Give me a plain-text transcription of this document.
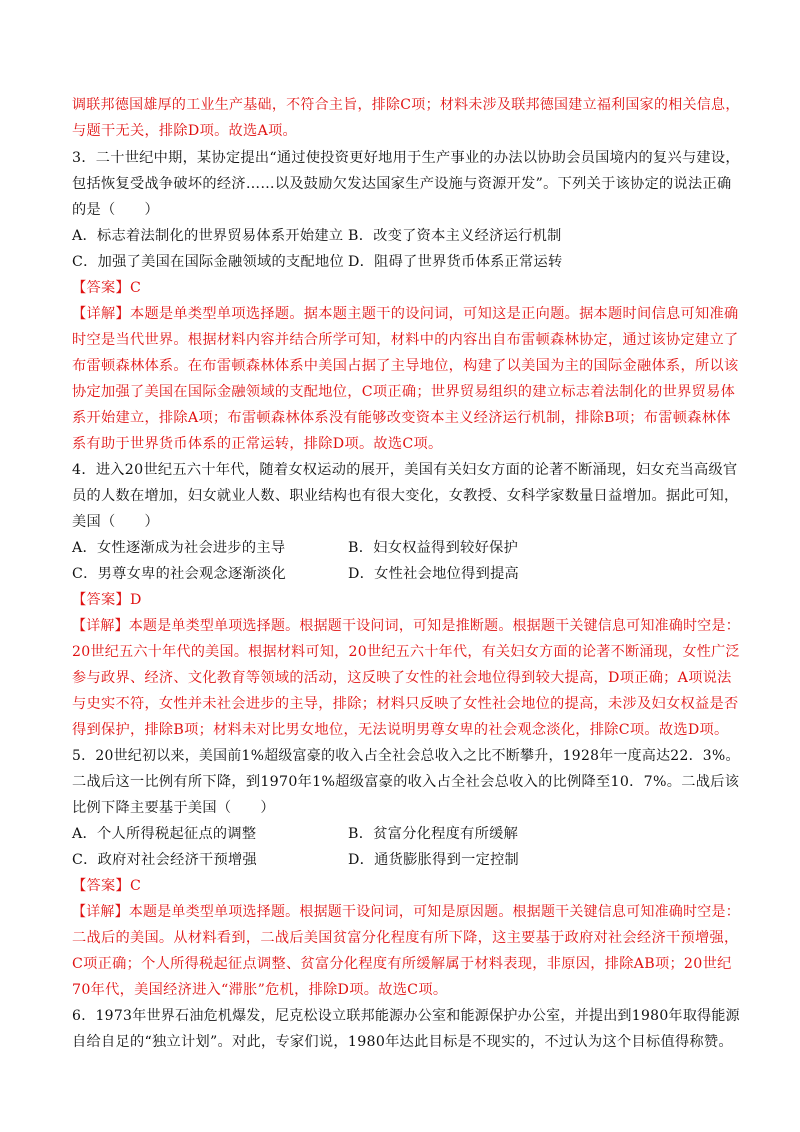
调联邦德国雄厚的工业生产基础，不符合主旨，排除C项；材料未涉及联邦德国建立福利国家的相关信息，
与题干无关，排除D项。故选A项。
3．二十世纪中期，某协定提出“通过使投资更好地用于生产事业的办法以协助会员国境内的复兴与建设，
包括恢复受战争破坏的经济……以及鼓励欠发达国家生产设施与资源开发”。下列关于该协定的说法正确
的是（　　）
A．标志着法制化的世界贸易体系开始建立 B．改变了资本主义经济运行机制
C．加强了美国在国际金融领域的支配地位 D．阻碍了世界货币体系正常运转
【答案】C
【详解】本题是单类型单项选择题。据本题主题干的设问词，可知这是正向题。据本题时间信息可知准确
时空是当代世界。根据材料内容并结合所学可知，材料中的内容出自布雷顿森林协定，通过该协定建立了
布雷顿森林体系。在布雷顿森林体系中美国占据了主导地位，构建了以美国为主的国际金融体系，所以该
协定加强了美国在国际金融领域的支配地位，C项正确；世界贸易组织的建立标志着法制化的世界贸易体
系开始建立，排除A项；布雷顿森林体系没有能够改变资本主义经济运行机制，排除B项；布雷顿森林体
系有助于世界货币体系的正常运转，排除D项。故选C项。
4．进入20世纪五六十年代，随着女权运动的展开，美国有关妇女方面的论著不断涌现，妇女充当高级官
员的人数在增加，妇女就业人数、职业结构也有很大变化，女教授、女科学家数量日益增加。据此可知，
美国（　　）
A．女性逐渐成为社会进步的主导	B．妇女权益得到较好保护
C．男尊女卑的社会观念逐渐淡化	D．女性社会地位得到提高
【答案】D
【详解】本题是单类型单项选择题。根据题干设问词，可知是推断题。根据题干关键信息可知准确时空是：
20世纪五六十年代的美国。根据材料可知，20世纪五六十年代，有关妇女方面的论著不断涌现，女性广泛
参与政界、经济、文化教育等领域的活动，这反映了女性的社会地位得到较大提高，D项正确；A项说法
与史实不符，女性并未社会进步的主导，排除；材料只反映了女性社会地位的提高，未涉及妇女权益是否
得到保护，排除B项；材料未对比男女地位，无法说明男尊女卑的社会观念淡化，排除C项。故选D项。
5．20世纪初以来，美国前1%超级富豪的收入占全社会总收入之比不断攀升，1928年一度高达22．3%。
二战后这一比例有所下降，到1970年1%超级富豪的收入占全社会总收入的比例降至10．7%。二战后该
比例下降主要基于美国（　　）
A．个人所得税起征点的调整	B．贫富分化程度有所缓解
C．政府对社会经济干预增强	D．通货膨胀得到一定控制
【答案】C
【详解】本题是单类型单项选择题。根据题干设问词，可知是原因题。根据题干关键信息可知准确时空是：
二战后的美国。从材料看到，二战后美国贫富分化程度有所下降，这主要基于政府对社会经济干预增强，
C项正确；个人所得税起征点调整、贫富分化程度有所缓解属于材料表现，非原因，排除AB项；20世纪
70年代，美国经济进入“滞胀”危机，排除D项。故选C项。
6．1973年世界石油危机爆发，尼克松设立联邦能源办公室和能源保护办公室，并提出到1980年取得能源
自给自足的“独立计划”。对此，专家们说，1980年达此目标是不现实的，不过认为这个目标值得称赞。
